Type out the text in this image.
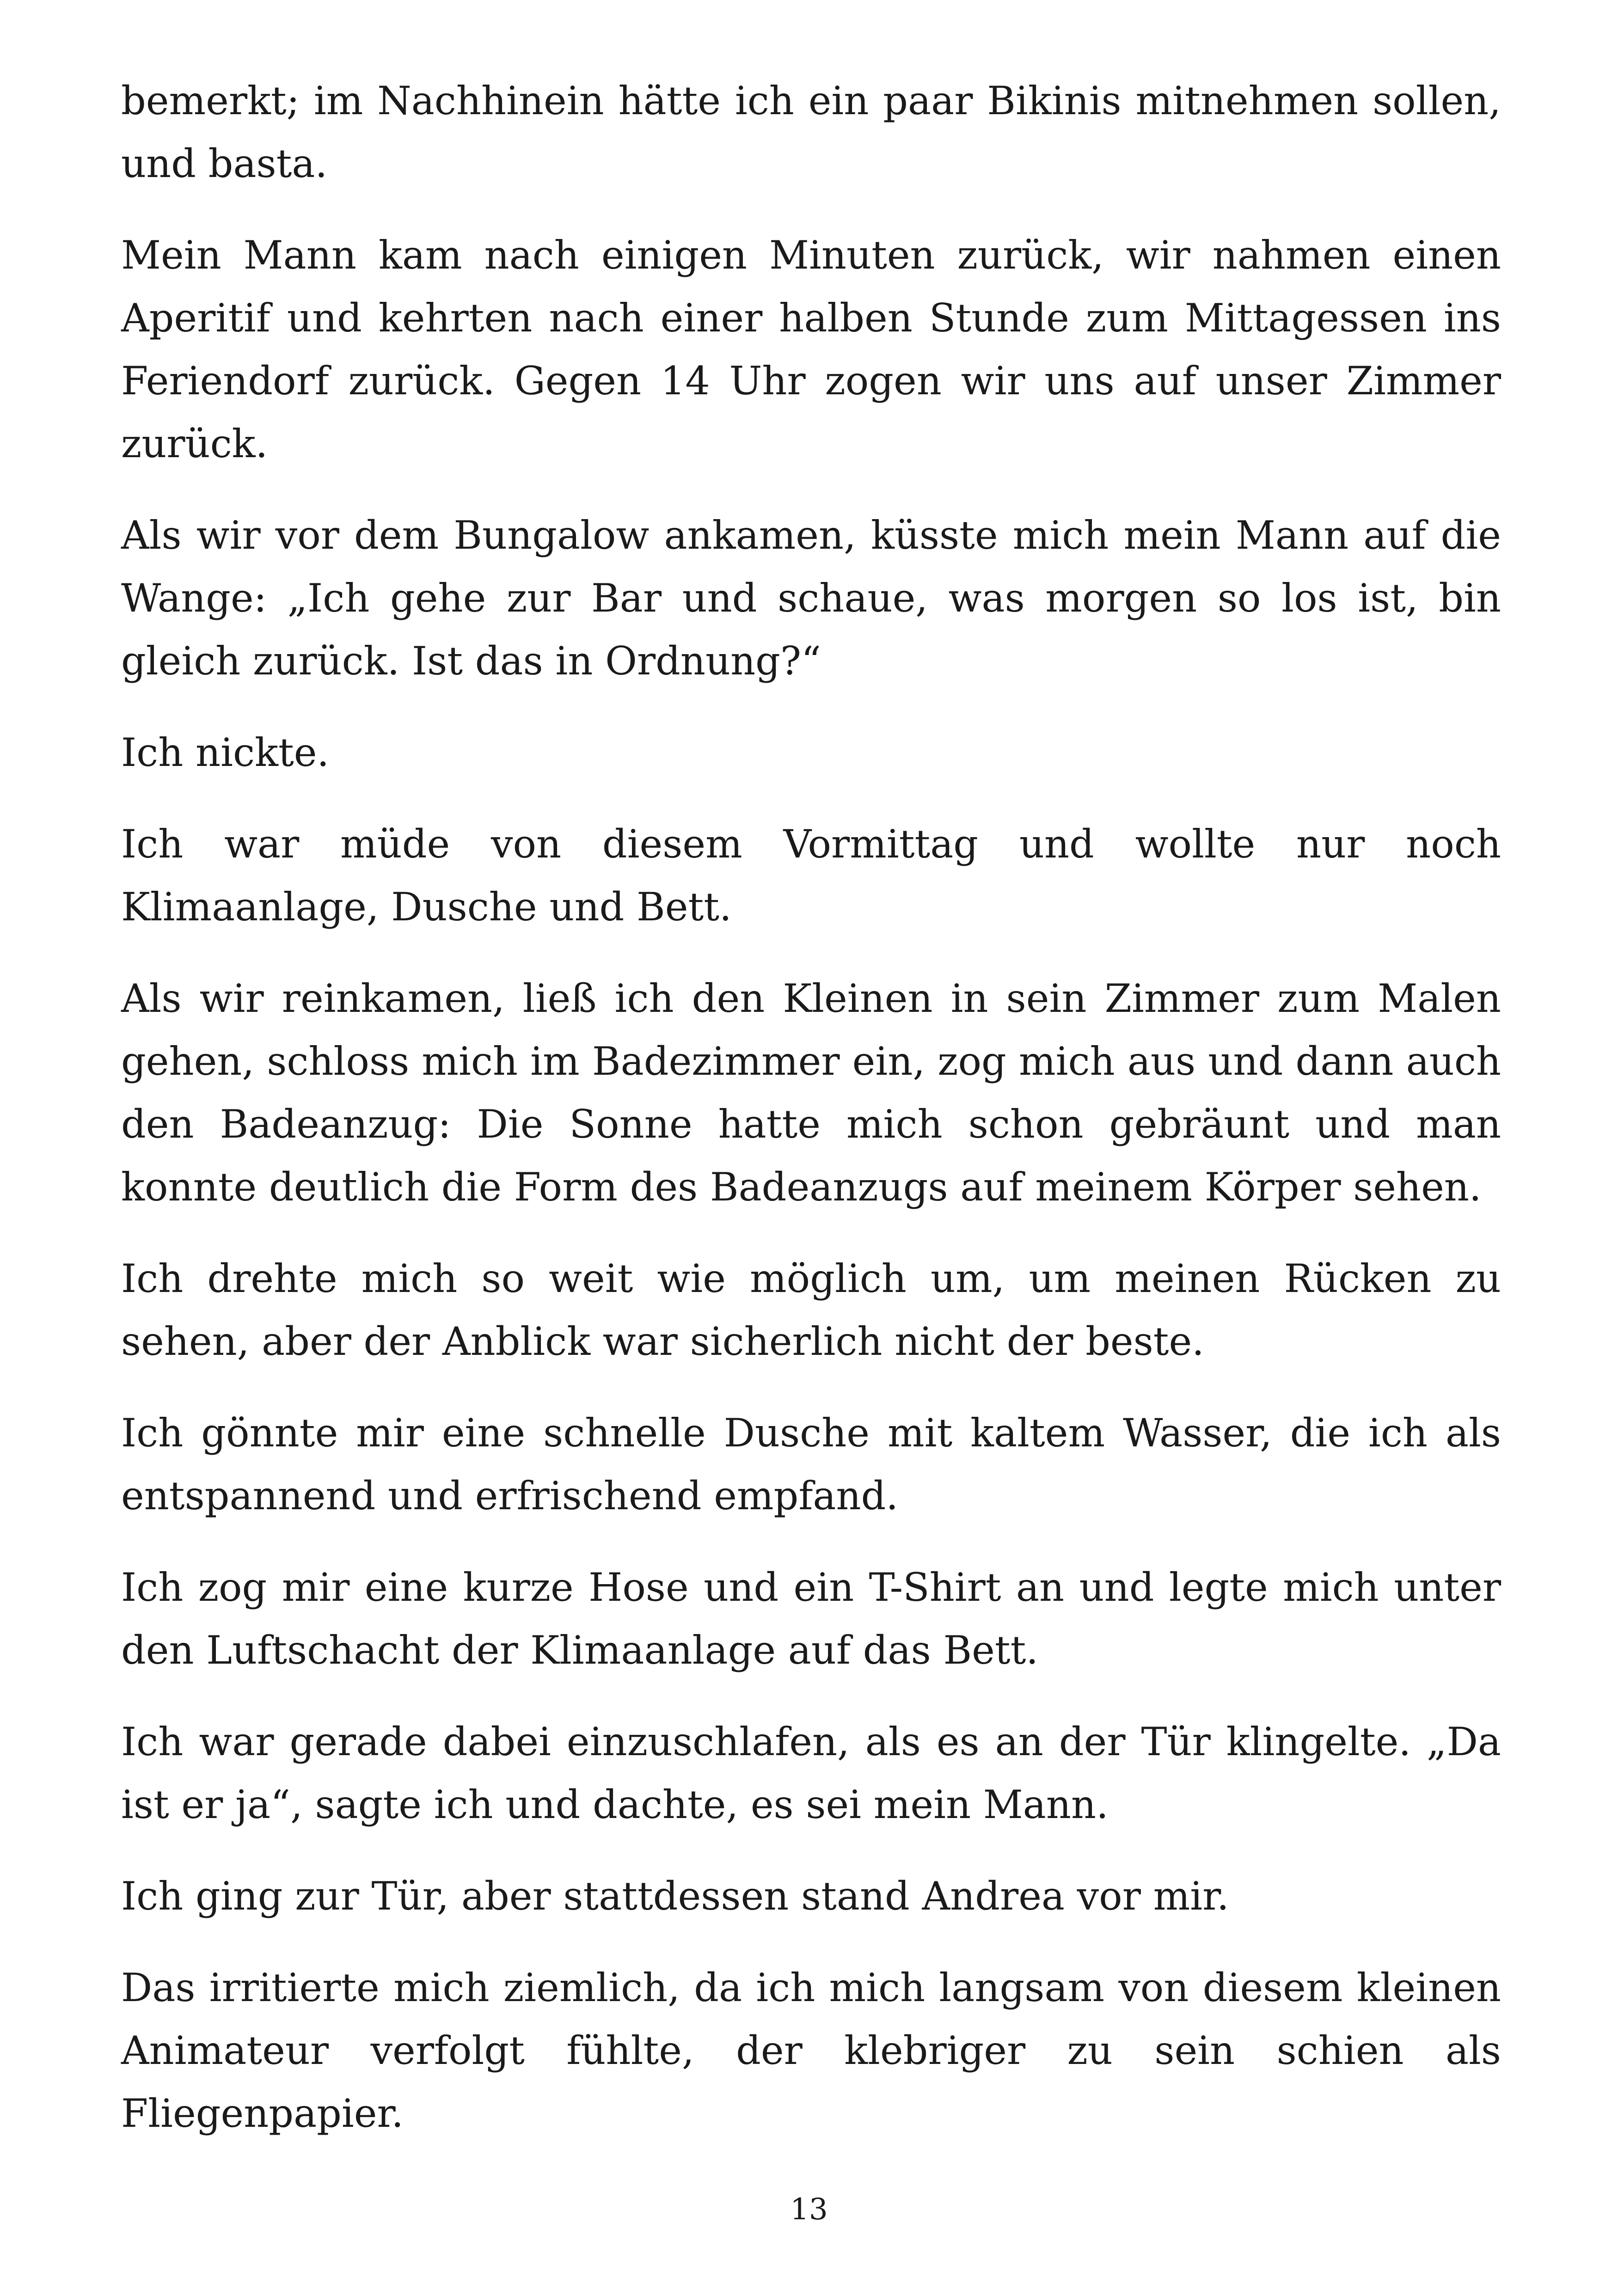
bemerkt; im Nachhinein hätte ich ein paar Bikinis mitnehmen sollen, und basta.

Mein Mann kam nach einigen Minuten zurück, wir nahmen einen Aperitif und kehrten nach einer halben Stunde zum Mittagessen ins Feriendorf zurück. Gegen 14 Uhr zogen wir uns auf unser Zimmer zurück.

Als wir vor dem Bungalow ankamen, küsste mich mein Mann auf die Wange: „Ich gehe zur Bar und schaue, was morgen so los ist, bin gleich zurück. Ist das in Ordnung?“

Ich nickte.

Ich war müde von diesem Vormittag und wollte nur noch Klimaanlage, Dusche und Bett.

Als wir reinkamen, ließ ich den Kleinen in sein Zimmer zum Malen gehen, schloss mich im Badezimmer ein, zog mich aus und dann auch den Badeanzug: Die Sonne hatte mich schon gebräunt und man konnte deutlich die Form des Badeanzugs auf meinem Körper sehen.

Ich drehte mich so weit wie möglich um, um meinen Rücken zu sehen, aber der Anblick war sicherlich nicht der beste.

Ich gönnte mir eine schnelle Dusche mit kaltem Wasser, die ich als entspannend und erfrischend empfand.

Ich zog mir eine kurze Hose und ein T-Shirt an und legte mich unter den Luftschacht der Klimaanlage auf das Bett.

Ich war gerade dabei einzuschlafen, als es an der Tür klingelte. „Da ist er ja“, sagte ich und dachte, es sei mein Mann.

Ich ging zur Tür, aber stattdessen stand Andrea vor mir.

Das irritierte mich ziemlich, da ich mich langsam von diesem kleinen Animateur verfolgt fühlte, der klebriger zu sein schien als Fliegenpapier.

13
